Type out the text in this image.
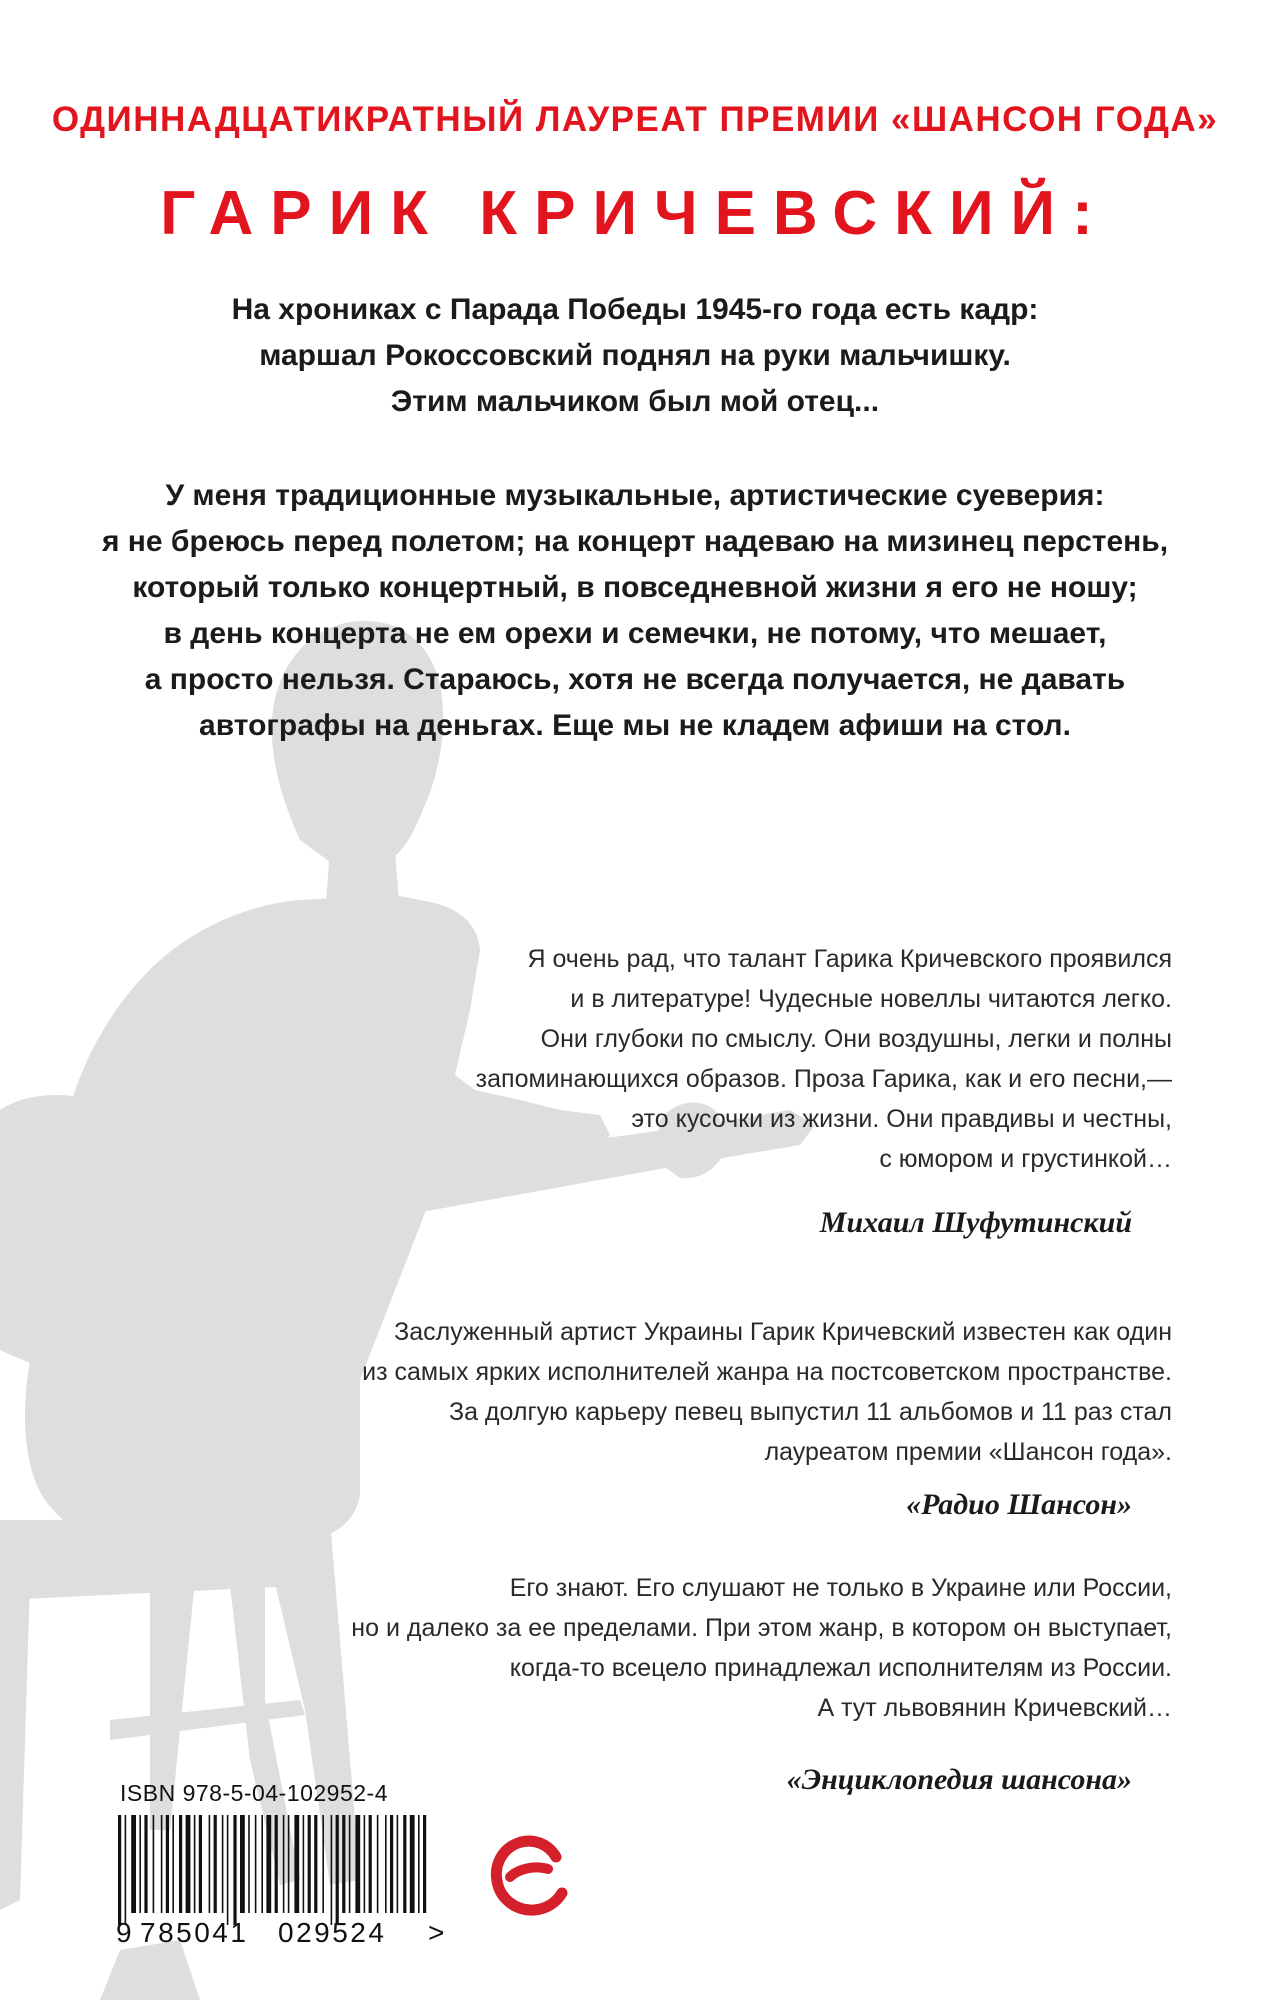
ОДИННАДЦАТИКРАТНЫЙ ЛАУРЕАТ ПРЕМИИ «ШАНСОН ГОДА»
ГАРИК КРИЧЕВСКИЙ:
На хрониках с Парада Победы 1945-го года есть кадр:
маршал Рокоссовский поднял на руки мальчишку.
Этим мальчиком был мой отец...
У меня традиционные музыкальные, артистические суеверия:
я не бреюсь перед полетом; на концерт надеваю на мизинец перстень,
который только концертный, в повседневной жизни я его не ношу;
в день концерта не ем орехи и семечки, не потому, что мешает,
а просто нельзя. Стараюсь, хотя не всегда получается, не давать
автографы на деньгах. Еще мы не кладем афиши на стол.
Я очень рад, что талант Гарика Кричевского проявился
и в литературе! Чудесные новеллы читаются легко.
Они глубоки по смыслу. Они воздушны, легки и полны
запоминающихся образов. Проза Гарика, как и его песни,—
это кусочки из жизни. Они правдивы и честны,
с юмором и грустинкой…
Михаил Шуфутинский
Заслуженный артист Украины Гарик Кричевский известен как один
из самых ярких исполнителей жанра на постсоветском пространстве.
За долгую карьеру певец выпустил 11 альбомов и 11 раз стал
лауреатом премии «Шансон года».
«Радио Шансон»
Его знают. Его слушают не только в Украине или России,
но и далеко за ее пределами. При этом жанр, в котором он выступает,
когда-то всецело принадлежал исполнителям из России.
А тут львовянин Кричевский…
«Энциклопедия шансона»
ISBN 978-5-04-102952-4
9 785041 029524 >
